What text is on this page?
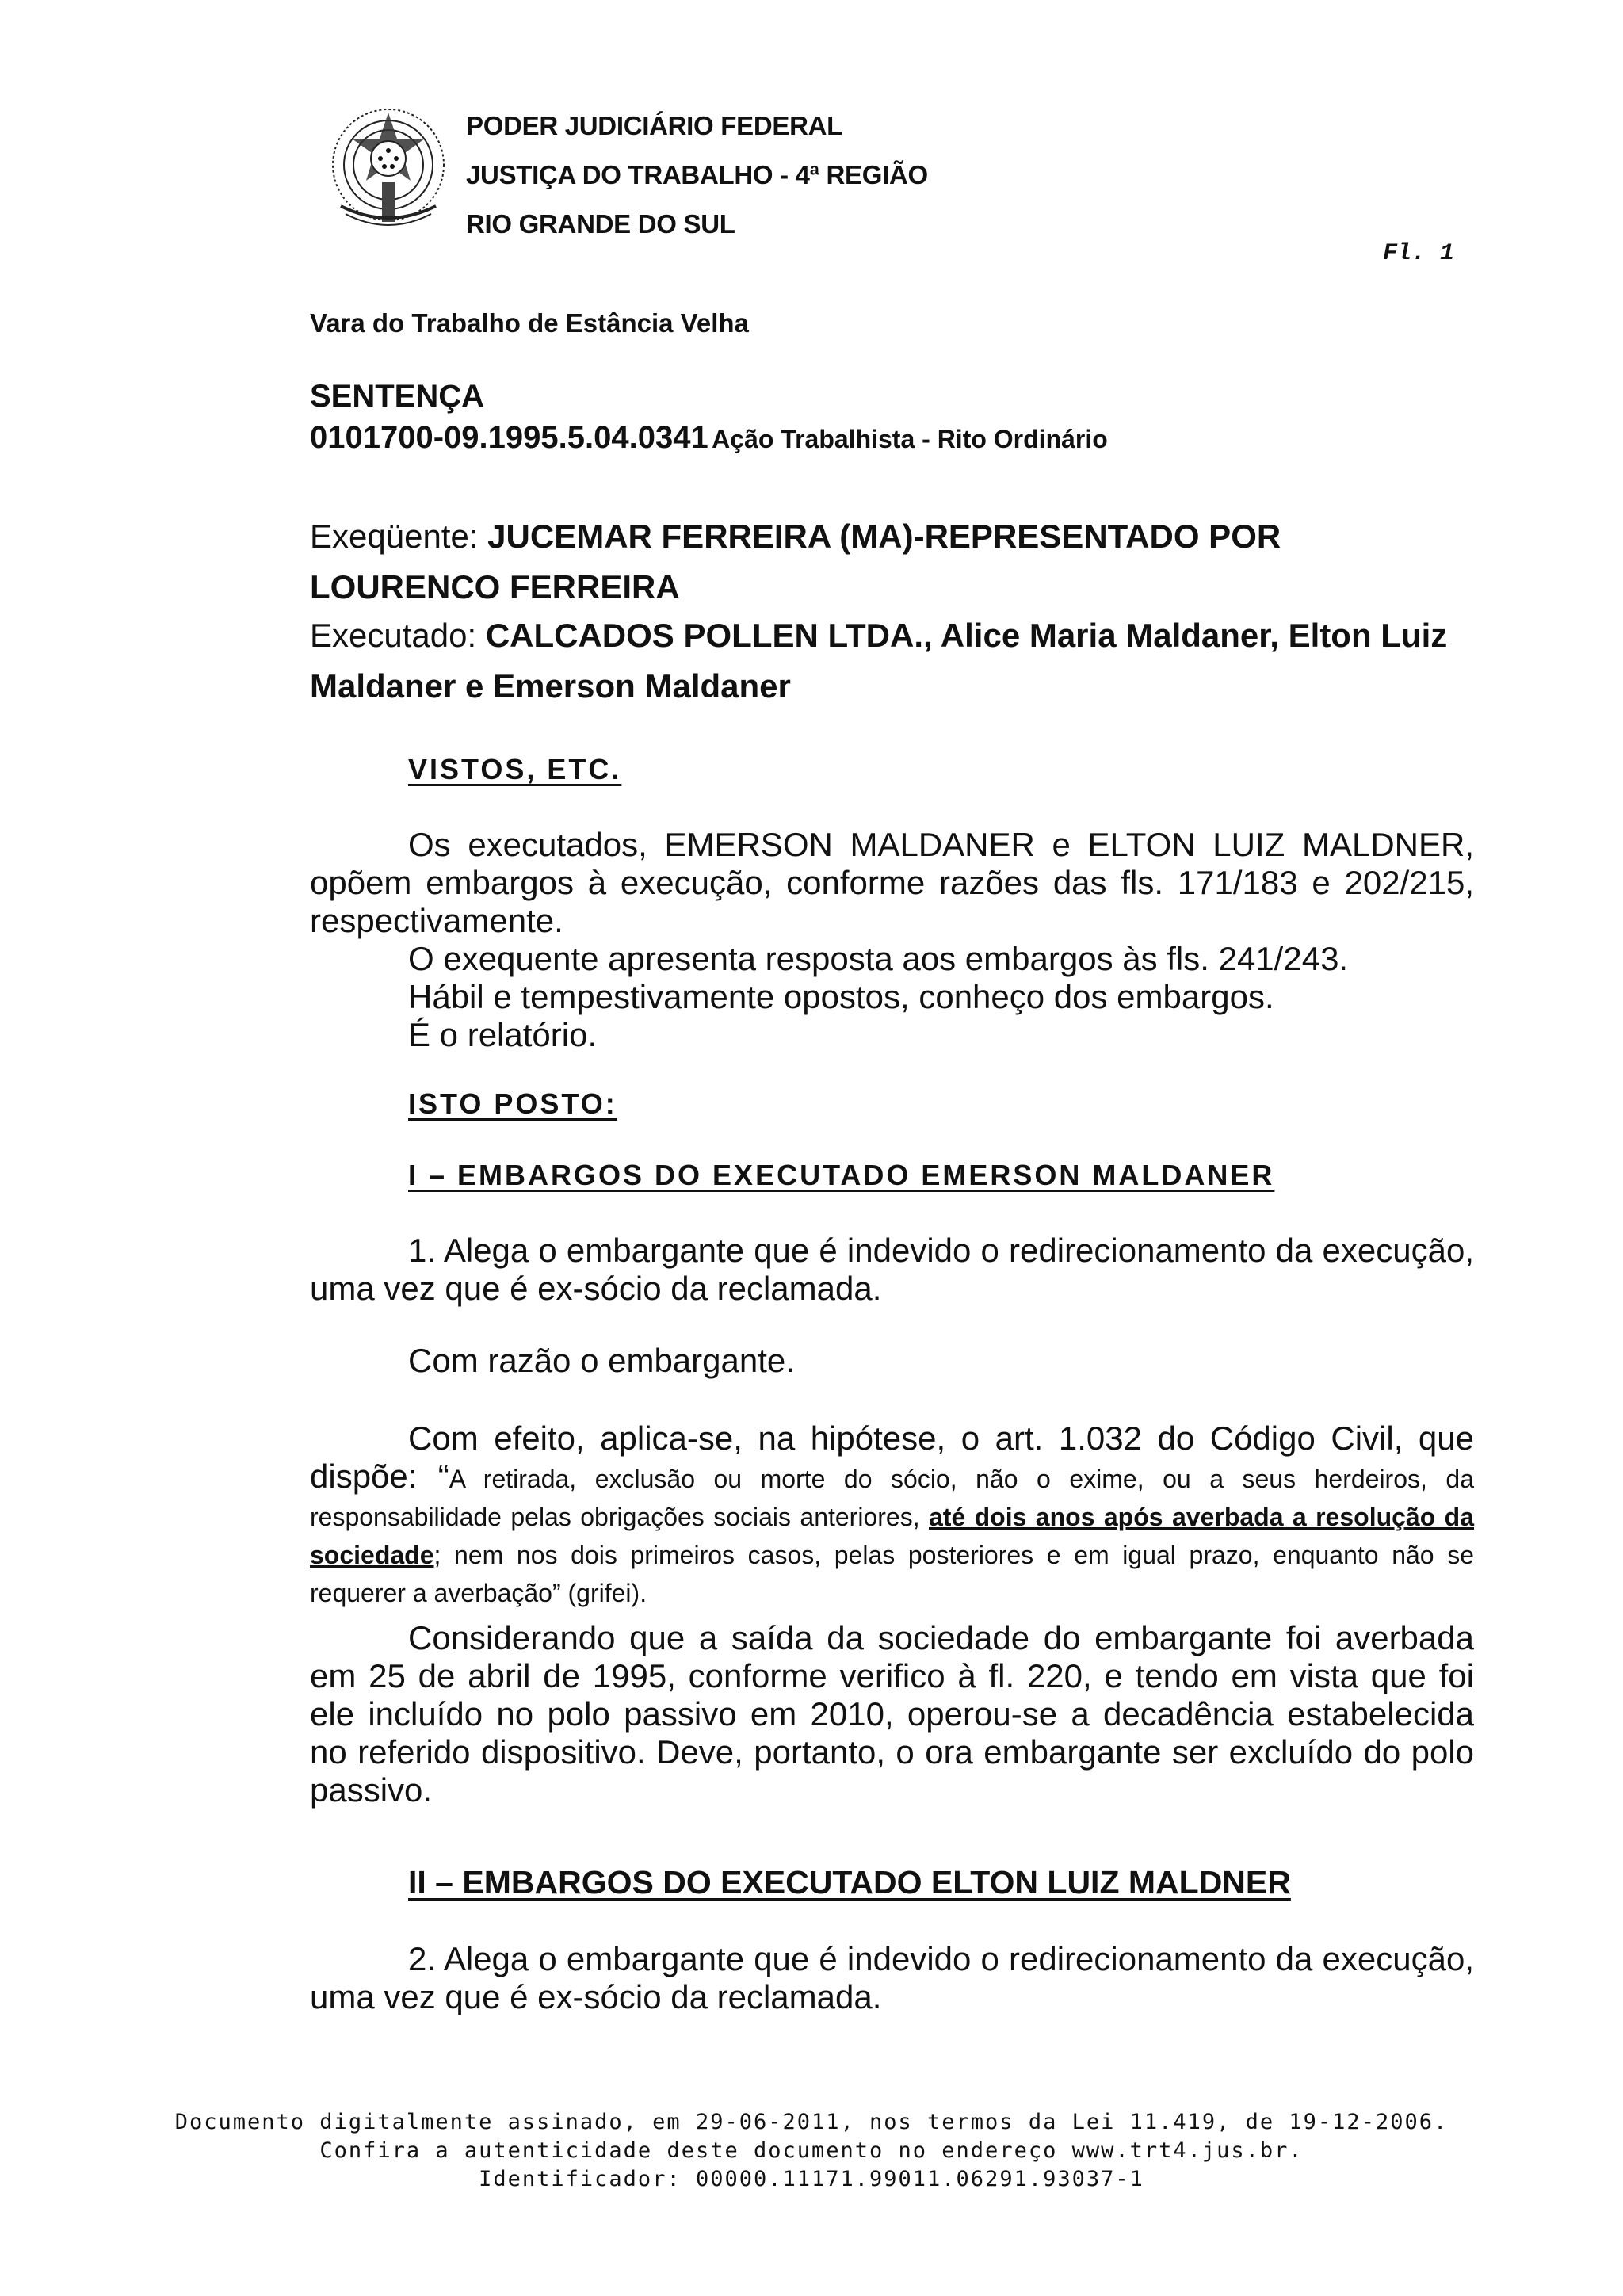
PODER JUDICIÁRIO FEDERAL
JUSTIÇA DO TRABALHO - 4ª REGIÃO
RIO GRANDE DO SUL
Fl. 1
Vara do Trabalho de Estância Velha
SENTENÇA
0101700-09.1995.5.04.0341 Ação Trabalhista - Rito Ordinário
Exeqüente: JUCEMAR FERREIRA (MA)-REPRESENTADO POR LOURENCO FERREIRA
Executado: CALCADOS POLLEN LTDA., Alice Maria Maldaner, Elton Luiz Maldaner e Emerson Maldaner
VISTOS, ETC.
Os executados, EMERSON MALDANER e ELTON LUIZ MALDNER, opõem embargos à execução, conforme razões das fls. 171/183 e 202/215, respectivamente.
O exequente apresenta resposta aos embargos às fls. 241/243.
Hábil e tempestivamente opostos, conheço dos embargos.
É o relatório.
ISTO POSTO:
I – EMBARGOS DO EXECUTADO EMERSON MALDANER
1. Alega o embargante que é indevido o redirecionamento da execução, uma vez que é ex-sócio da reclamada.
Com razão o embargante.
Com efeito, aplica-se, na hipótese, o art. 1.032 do Código Civil, que dispõe: “A retirada, exclusão ou morte do sócio, não o exime, ou a seus herdeiros, da responsabilidade pelas obrigações sociais anteriores, até dois anos após averbada a resolução da sociedade; nem nos dois primeiros casos, pelas posteriores e em igual prazo, enquanto não se requerer a averbação” (grifei).
Considerando que a saída da sociedade do embargante foi averbada em 25 de abril de 1995, conforme verifico à fl. 220, e tendo em vista que foi ele incluído no polo passivo em 2010, operou-se a decadência estabelecida no referido dispositivo. Deve, portanto, o ora embargante ser excluído do polo passivo.
II – EMBARGOS DO EXECUTADO ELTON LUIZ MALDNER
2. Alega o embargante que é indevido o redirecionamento da execução, uma vez que é ex-sócio da reclamada.
Documento digitalmente assinado, em 29-06-2011, nos termos da Lei 11.419, de 19-12-2006.
Confira a autenticidade deste documento no endereço www.trt4.jus.br.
Identificador: 00000.11171.99011.06291.93037-1
